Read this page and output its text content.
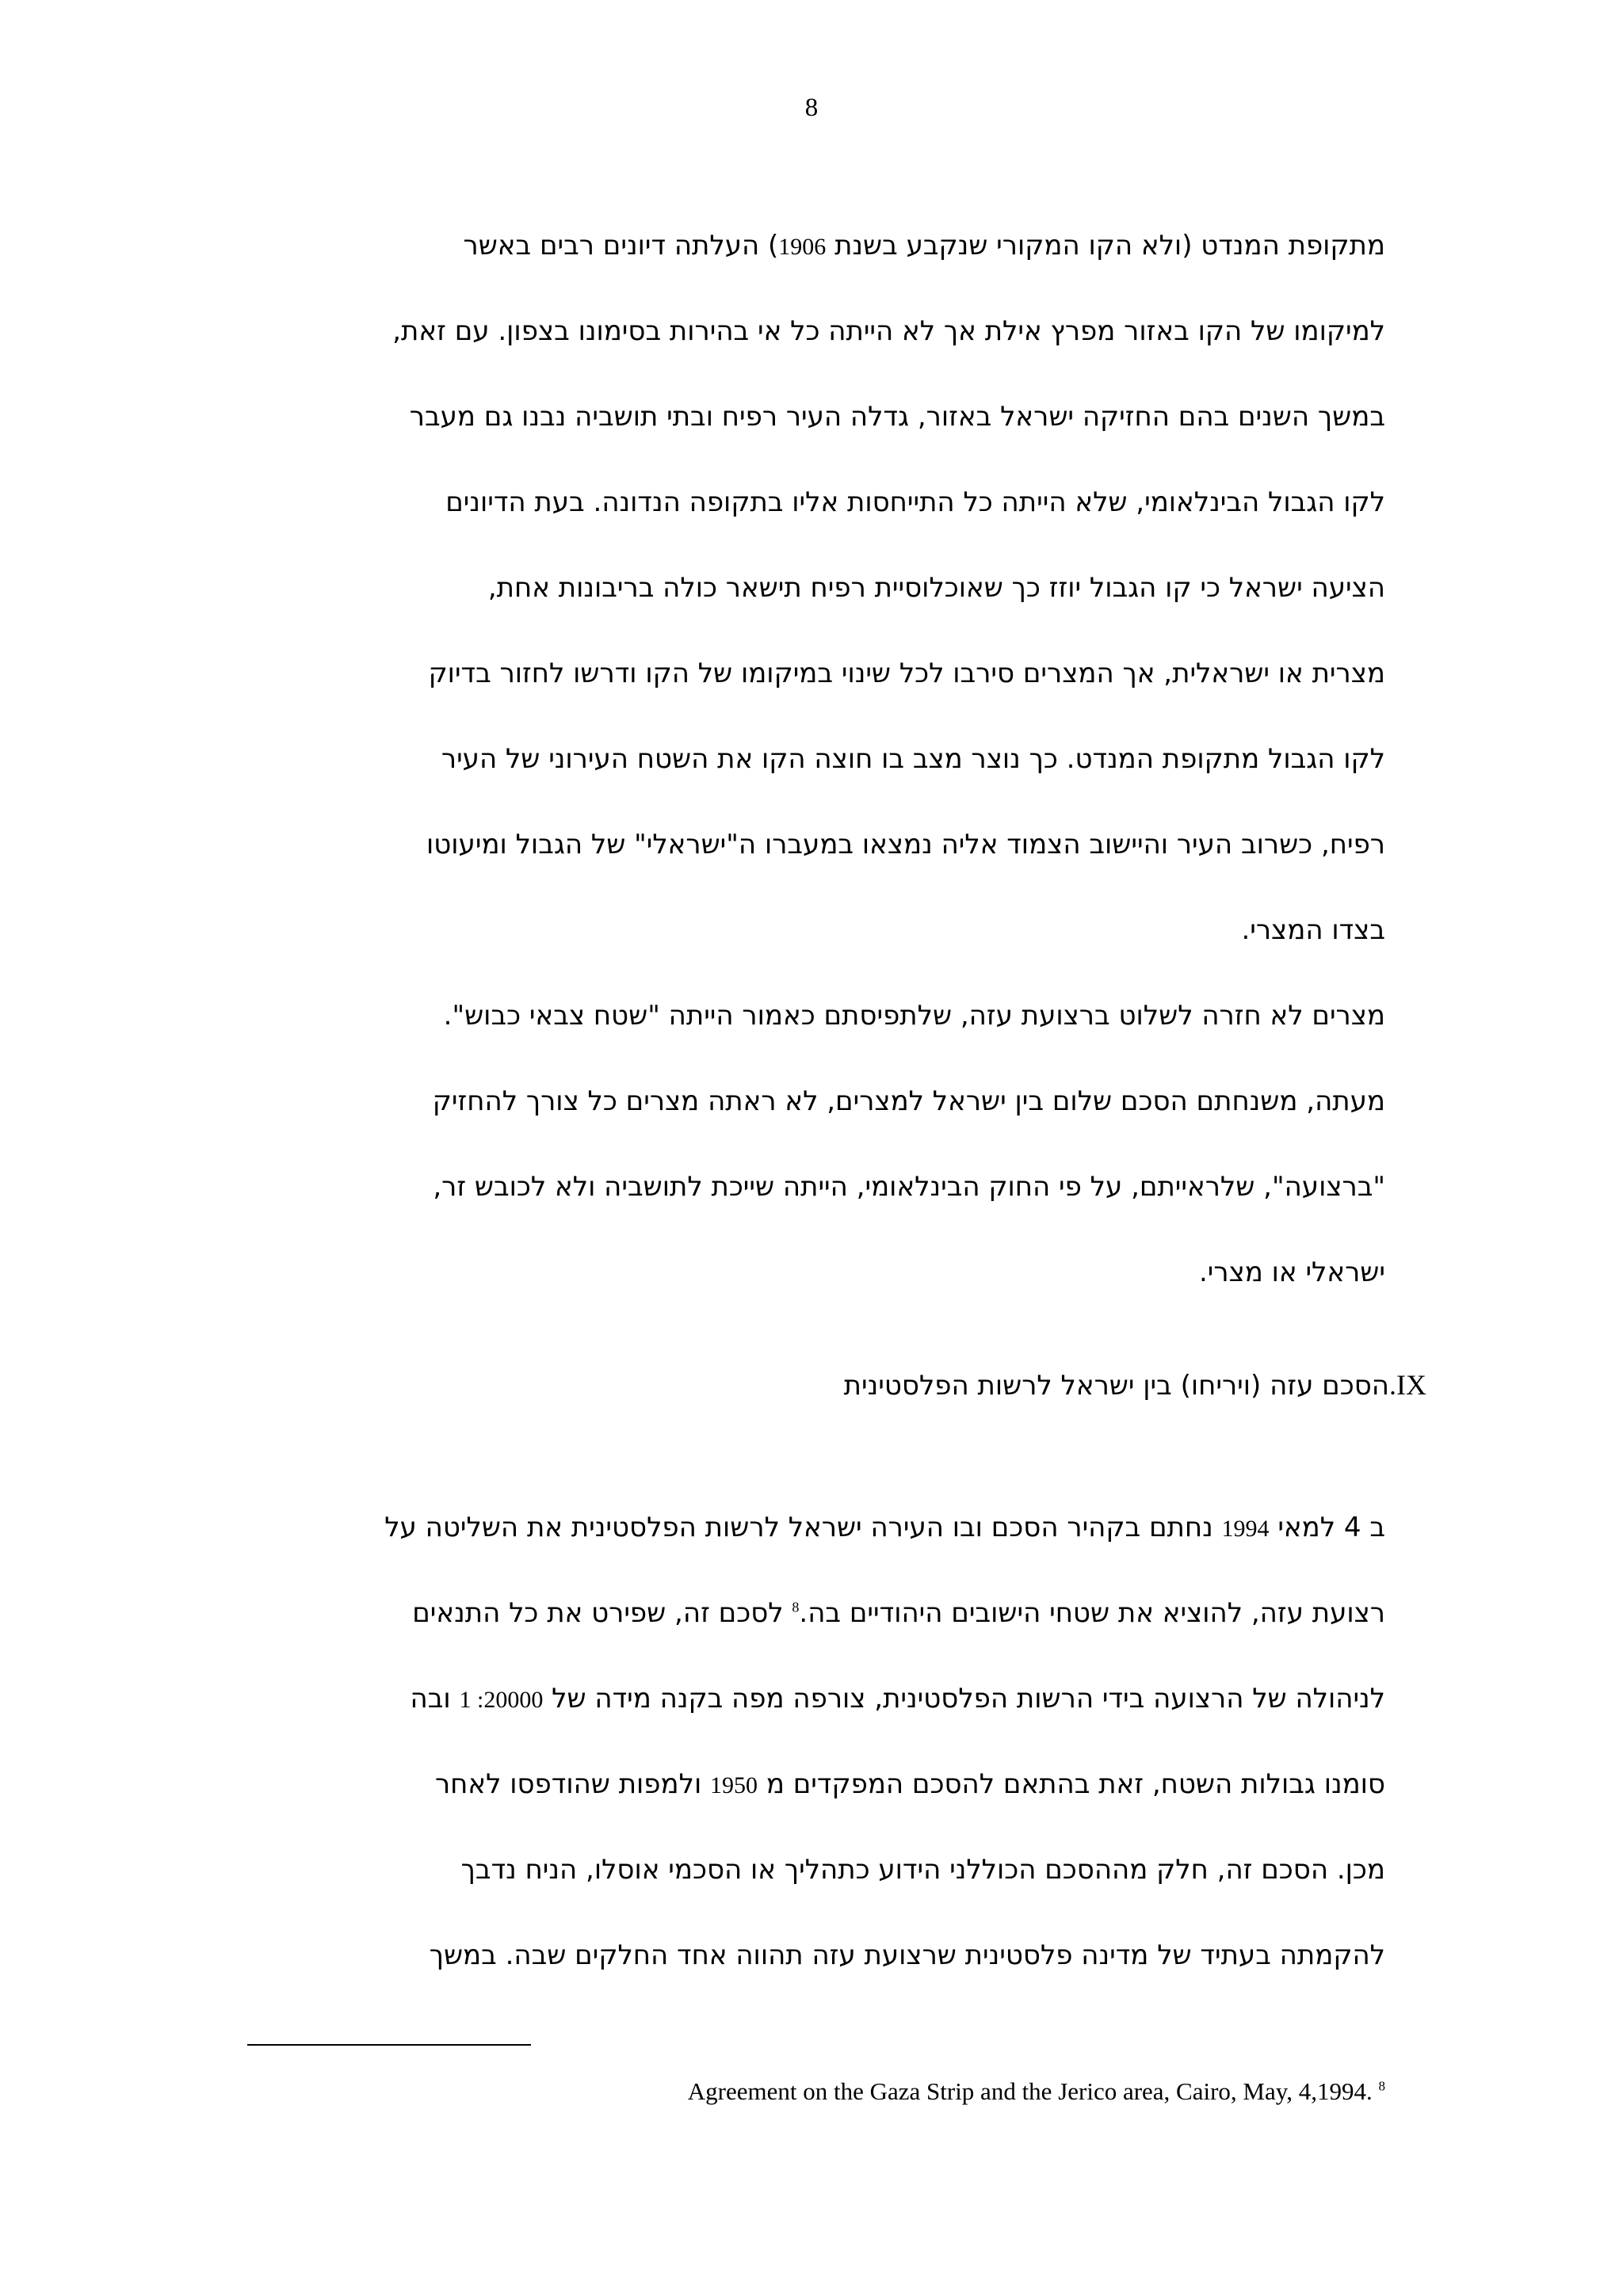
8
מתקופת המנדט (ולא הקו המקורי שנקבע בשנת 1906) העלתה דיונים רבים באשר
למיקומו של הקו באזור מפרץ אילת אך לא הייתה כל אי בהירות בסימונו בצפון. עם זאת,
במשך השנים בהם החזיקה ישראל באזור, גדלה העיר רפיח ובתי תושביה נבנו גם מעבר
לקו הגבול הבינלאומי, שלא הייתה כל התייחסות אליו בתקופה הנדונה. בעת הדיונים
הציעה ישראל כי קו הגבול יוזז כך שאוכלוסיית רפיח תישאר כולה בריבונות אחת,
מצרית או ישראלית, אך המצרים סירבו לכל שינוי במיקומו של הקו ודרשו לחזור בדיוק
לקו הגבול מתקופת המנדט. כך נוצר מצב בו חוצה הקו את השטח העירוני של העיר
רפיח, כשרוב העיר והיישוב הצמוד אליה נמצאו במעברו ה"ישראלי" של הגבול ומיעוטו
בצדו המצרי.
מצרים לא חזרה לשלוט ברצועת עזה, שלתפיסתם כאמור הייתה "שטח צבאי כבוש".
מעתה, משנחתם הסכם שלום בין ישראל למצרים, לא ראתה מצרים כל צורך להחזיק
"ברצועה", שלראייתם, על פי החוק הבינלאומי, הייתה שייכת לתושביה ולא לכובש זר,
ישראלי או מצרי.
IX.הסכם עזה (ויריחו) בין ישראל לרשות הפלסטינית
ב 4 למאי 1994 נחתם בקהיר הסכם ובו העירה ישראל לרשות הפלסטינית את השליטה על
רצועת עזה, להוציא את שטחי הישובים היהודיים בה.$^8$ לסכם זה, שפירט את כל התנאים
לניהולה של הרצועה בידי הרשות הפלסטינית, צורפה מפה בקנה מידה של 20000: 1 ובה
סומנו גבולות השטח, זאת בהתאם להסכם המפקדים מ 1950 ולמפות שהודפסו לאחר
מכן. הסכם זה, חלק מההסכם הכוללני הידוע כתהליך או הסכמי אוסלו, הניח נדבך
להקמתה בעתיד של מדינה פלסטינית שרצועת עזה תהווה אחד החלקים שבה. במשך
$^8$ .Agreement on the Gaza Strip and the Jerico area, Cairo, May, 4,1994
